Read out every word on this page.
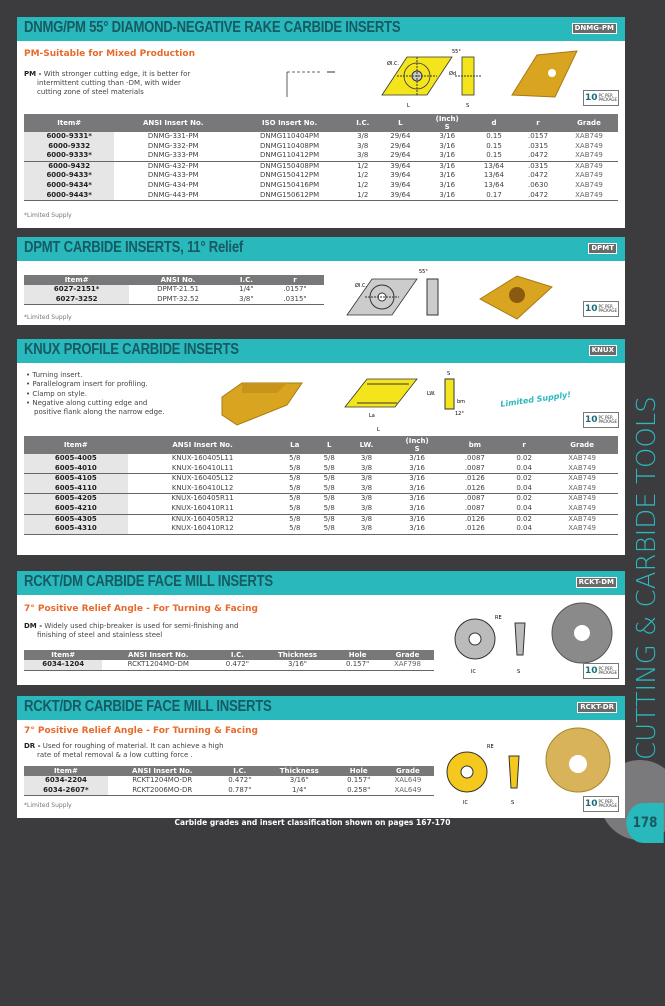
DNMG/PM 55° DIAMOND-NEGATIVE RAKE CARBIDE INSERTS	DNMG-PM
PM-Suitable for Mixed Production
PM - With stronger cutting edge, it is better for
intermittent cutting than -DM, with wider
cutting zone of steel materials
ØI.C.
L
Ød
S
55°
10 PC PER PACKAGE
Item#	ANSI Insert No.	ISO Insert No.	I.C.	L	(Inch)
S	d	r	Grade
6000-9331*	DNMG-331-PM	DNMG110404PM	3/8	29/64	3/16	0.15	.0157	XAB749
6000-9332	DNMG-332-PM	DNMG110408PM	3/8	29/64	3/16	0.15	.0315	XAB749
6000-9333*	DNMG-333-PM	DNMG110412PM	3/8	29/64	3/16	0.15	.0472	XAB749
6000-9432	DNMG-432-PM	DNMG150408PM	1/2	39/64	3/16	13/64	.0315	XAB749
6000-9433*	DNMG-433-PM	DNMG150412PM	1/2	39/64	3/16	13/64	.0472	XAB749
6000-9434*	DNMG-434-PM	DNMG150416PM	1/2	39/64	3/16	13/64	.0630	XAB749
6000-9443*	DNMG-443-PM	DNMG150612PM	1/2	39/64	3/16	0.17	.0472	XAB749
*Limited Supply
DPMT CARBIDE INSERTS, 11° Relief	DPMT
Item#	ANSI No.	I.C.	r
6027-2151*	DPMT-21.51	1/4"	.0157"
6027-3252	DPMT-32.52	3/8"	.0315"
*Limited Supply
ØI.C.
55°
10 PC PER PACKAGE
KNUX PROFILE CARBIDE INSERTS	KNUX
• Turning insert.
• Parallelogram insert for profiling.
• Clamp on style.
• Negative along cutting edge and
positive flank along the narrow edge.	La
LW.
L
S
bm
12°
Limited Supply!
10 PC PER PACKAGE
Item#	ANSI Insert No.	La	L	LW.	(Inch)
S	bm	r	Grade
6005-4005	KNUX-160405L11	5/8	5/8	3/8	3/16	.0087	0.02	XAB749
6005-4010	KNUX-160410L11	5/8	5/8	3/8	3/16	.0087	0.04	XAB749
6005-4105	KNUX-160405L12	5/8	5/8	3/8	3/16	.0126	0.02	XAB749
6005-4110	KNUX-160410L12	5/8	5/8	3/8	3/16	.0126	0.04	XAB749
6005-4205	KNUX-160405R11	5/8	5/8	3/8	3/16	.0087	0.02	XAB749
6005-4210	KNUX-160410R11	5/8	5/8	3/8	3/16	.0087	0.04	XAB749
6005-4305	KNUX-160405R12	5/8	5/8	3/8	3/16	.0126	0.02	XAB749
6005-4310	KNUX-160410R12	5/8	5/8	3/8	3/16	.0126	0.04	XAB749
RCKT/DM CARBIDE FACE MILL INSERTS	RCKT-DM
7° Positive Relief Angle - For Turning & Facing
DM - Widely used chip-breaker is used for semi-finishing and
finishing of steel and stainless steel
Item#	ANSI Insert No.	I.C.	Thickness	Hole	Grade
6034-1204	RCKT1204MO-DM	0.472"	3/16"	0.157"	XAF798
RE
IC	S	10 PC PER PACKAGE
RCKT/DR CARBIDE FACE MILL INSERTS	RCKT-DR
7° Positive Relief Angle - For Turning & Facing
DR - Used for roughing of material. It can achieve a high
rate of metal removal & a low cutting force .
Item#	ANSI Insert No.	I.C.	Thickness	Hole	Grade
6034-2204	RCKT1204MO-DR	0.472"	3/16"	0.157"	XAL649
6034-2607*	RCKT2006MO-DR	0.787"	1/4"	0.258"	XAL649
*Limited Supply
RE
IC	S	10 PC PER PACKAGE
Carbide grades and insert classification shown on pages 167-170
CUTTING & CARBIDE TOOLS
178
